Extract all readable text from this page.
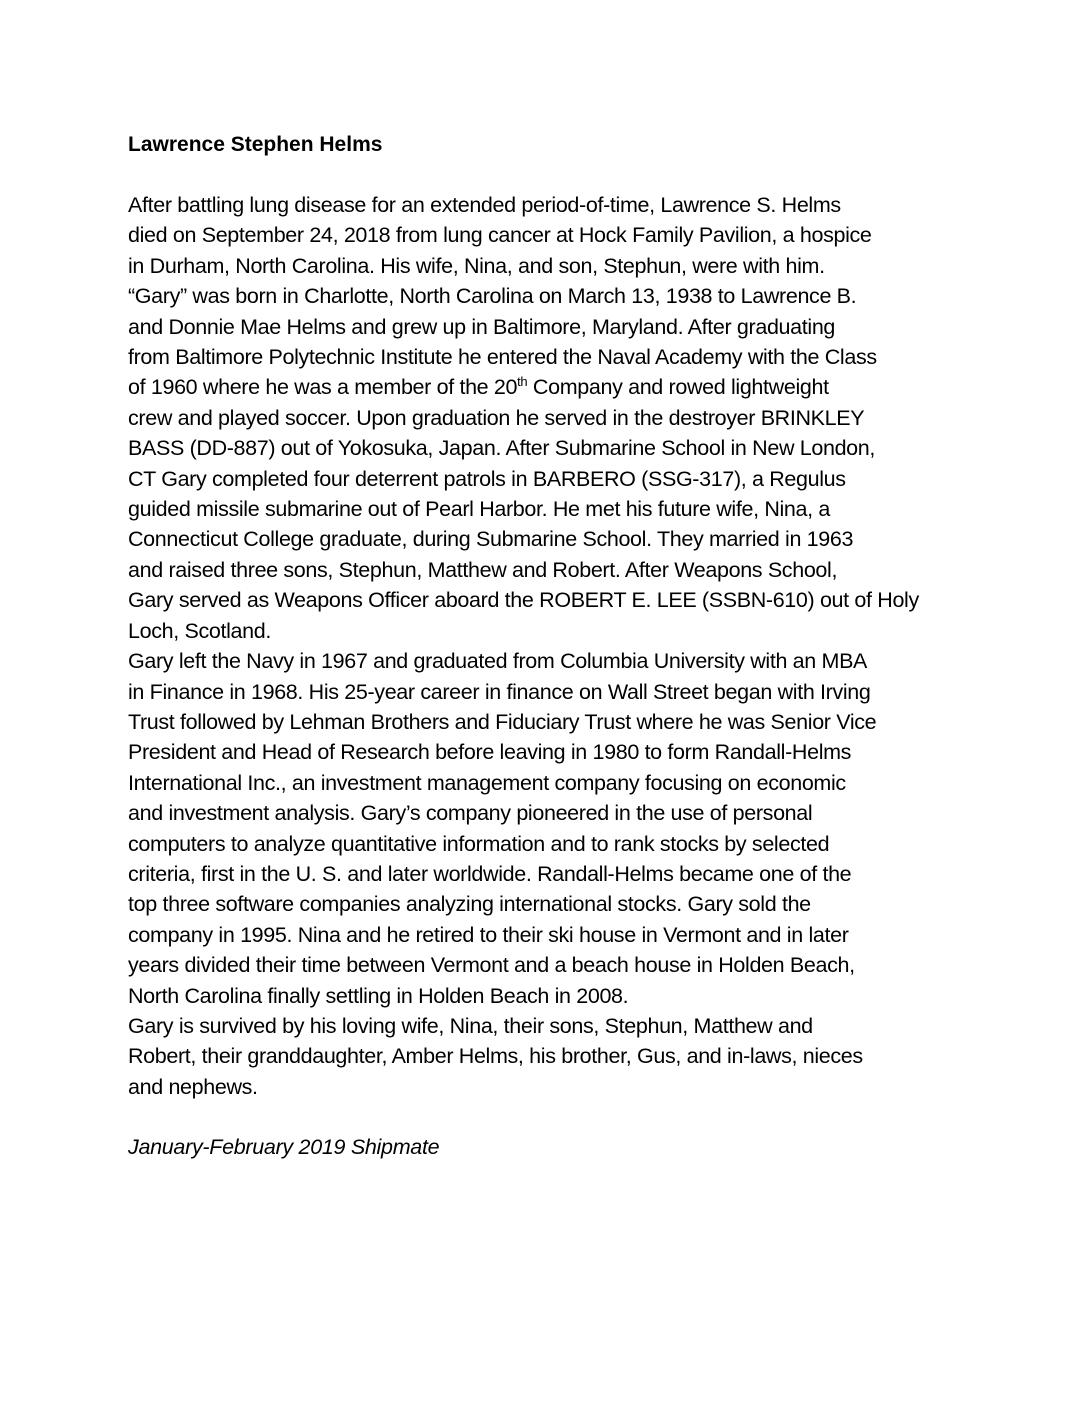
Lawrence Stephen Helms
After battling lung disease for an extended period-of-time, Lawrence S. Helms
died on September 24, 2018 from lung cancer at Hock Family Pavilion, a hospice
in Durham, North Carolina. His wife, Nina, and son, Stephun, were with him.
“Gary” was born in Charlotte, North Carolina on March 13, 1938 to Lawrence B.
and Donnie Mae Helms and grew up in Baltimore, Maryland. After graduating
from Baltimore Polytechnic Institute he entered the Naval Academy with the Class
of 1960 where he was a member of the 20th Company and rowed lightweight
crew and played soccer. Upon graduation he served in the destroyer BRINKLEY
BASS (DD-887) out of Yokosuka, Japan. After Submarine School in New London,
CT Gary completed four deterrent patrols in BARBERO (SSG-317), a Regulus
guided missile submarine out of Pearl Harbor. He met his future wife, Nina, a
Connecticut College graduate, during Submarine School. They married in 1963
and raised three sons, Stephun, Matthew and Robert. After Weapons School,
Gary served as Weapons Officer aboard the ROBERT E. LEE (SSBN-610) out of Holy
Loch, Scotland.
Gary left the Navy in 1967 and graduated from Columbia University with an MBA
in Finance in 1968. His 25-year career in finance on Wall Street began with Irving
Trust followed by Lehman Brothers and Fiduciary Trust where he was Senior Vice
President and Head of Research before leaving in 1980 to form Randall-Helms
International Inc., an investment management company focusing on economic
and investment analysis. Gary’s company pioneered in the use of personal
computers to analyze quantitative information and to rank stocks by selected
criteria, first in the U. S. and later worldwide. Randall-Helms became one of the
top three software companies analyzing international stocks. Gary sold the
company in 1995. Nina and he retired to their ski house in Vermont and in later
years divided their time between Vermont and a beach house in Holden Beach,
North Carolina finally settling in Holden Beach in 2008.
Gary is survived by his loving wife, Nina, their sons, Stephun, Matthew and
Robert, their granddaughter, Amber Helms, his brother, Gus, and in-laws, nieces
and nephews.
January-February 2019 Shipmate
